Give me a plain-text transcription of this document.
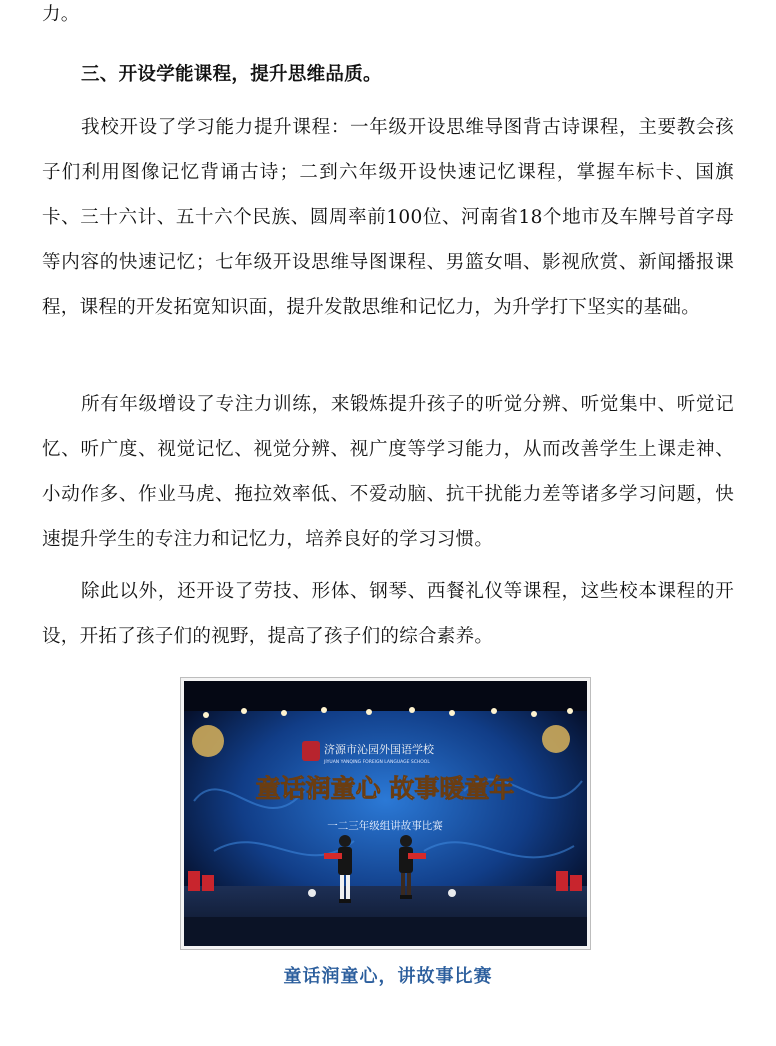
力。

三、开设学能课程，提升思维品质。

我校开设了学习能力提升课程：一年级开设思维导图背古诗课程，主要教会孩子们利用图像记忆背诵古诗；二到六年级开设快速记忆课程，掌握车标卡、国旗卡、三十六计、五十六个民族、圆周率前100位、河南省18个地市及车牌号首字母等内容的快速记忆；七年级开设思维导图课程、男篮女唱、影视欣赏、新闻播报课程，课程的开发拓宽知识面，提升发散思维和记忆力，为升学打下坚实的基础。

所有年级增设了专注力训练，来锻炼提升孩子的听觉分辨、听觉集中、听觉记忆、听广度、视觉记忆、视觉分辨、视广度等学习能力，从而改善学生上课走神、小动作多、作业马虎、拖拉效率低、不爱动脑、抗干扰能力差等诸多学习问题，快速提升学生的专注力和记忆力，培养良好的学习习惯。

除此以外，还开设了劳技、形体、钢琴、西餐礼仪等课程，这些校本课程的开设，开拓了孩子们的视野，提高了孩子们的综合素养。

济源市沁园外国语学校
JIYUAN YANQING FOREIGN LANGUAGE SCHOOL
童话润童心 故事暖童年
一二三年级组讲故事比赛
童话润童心，讲故事比赛
